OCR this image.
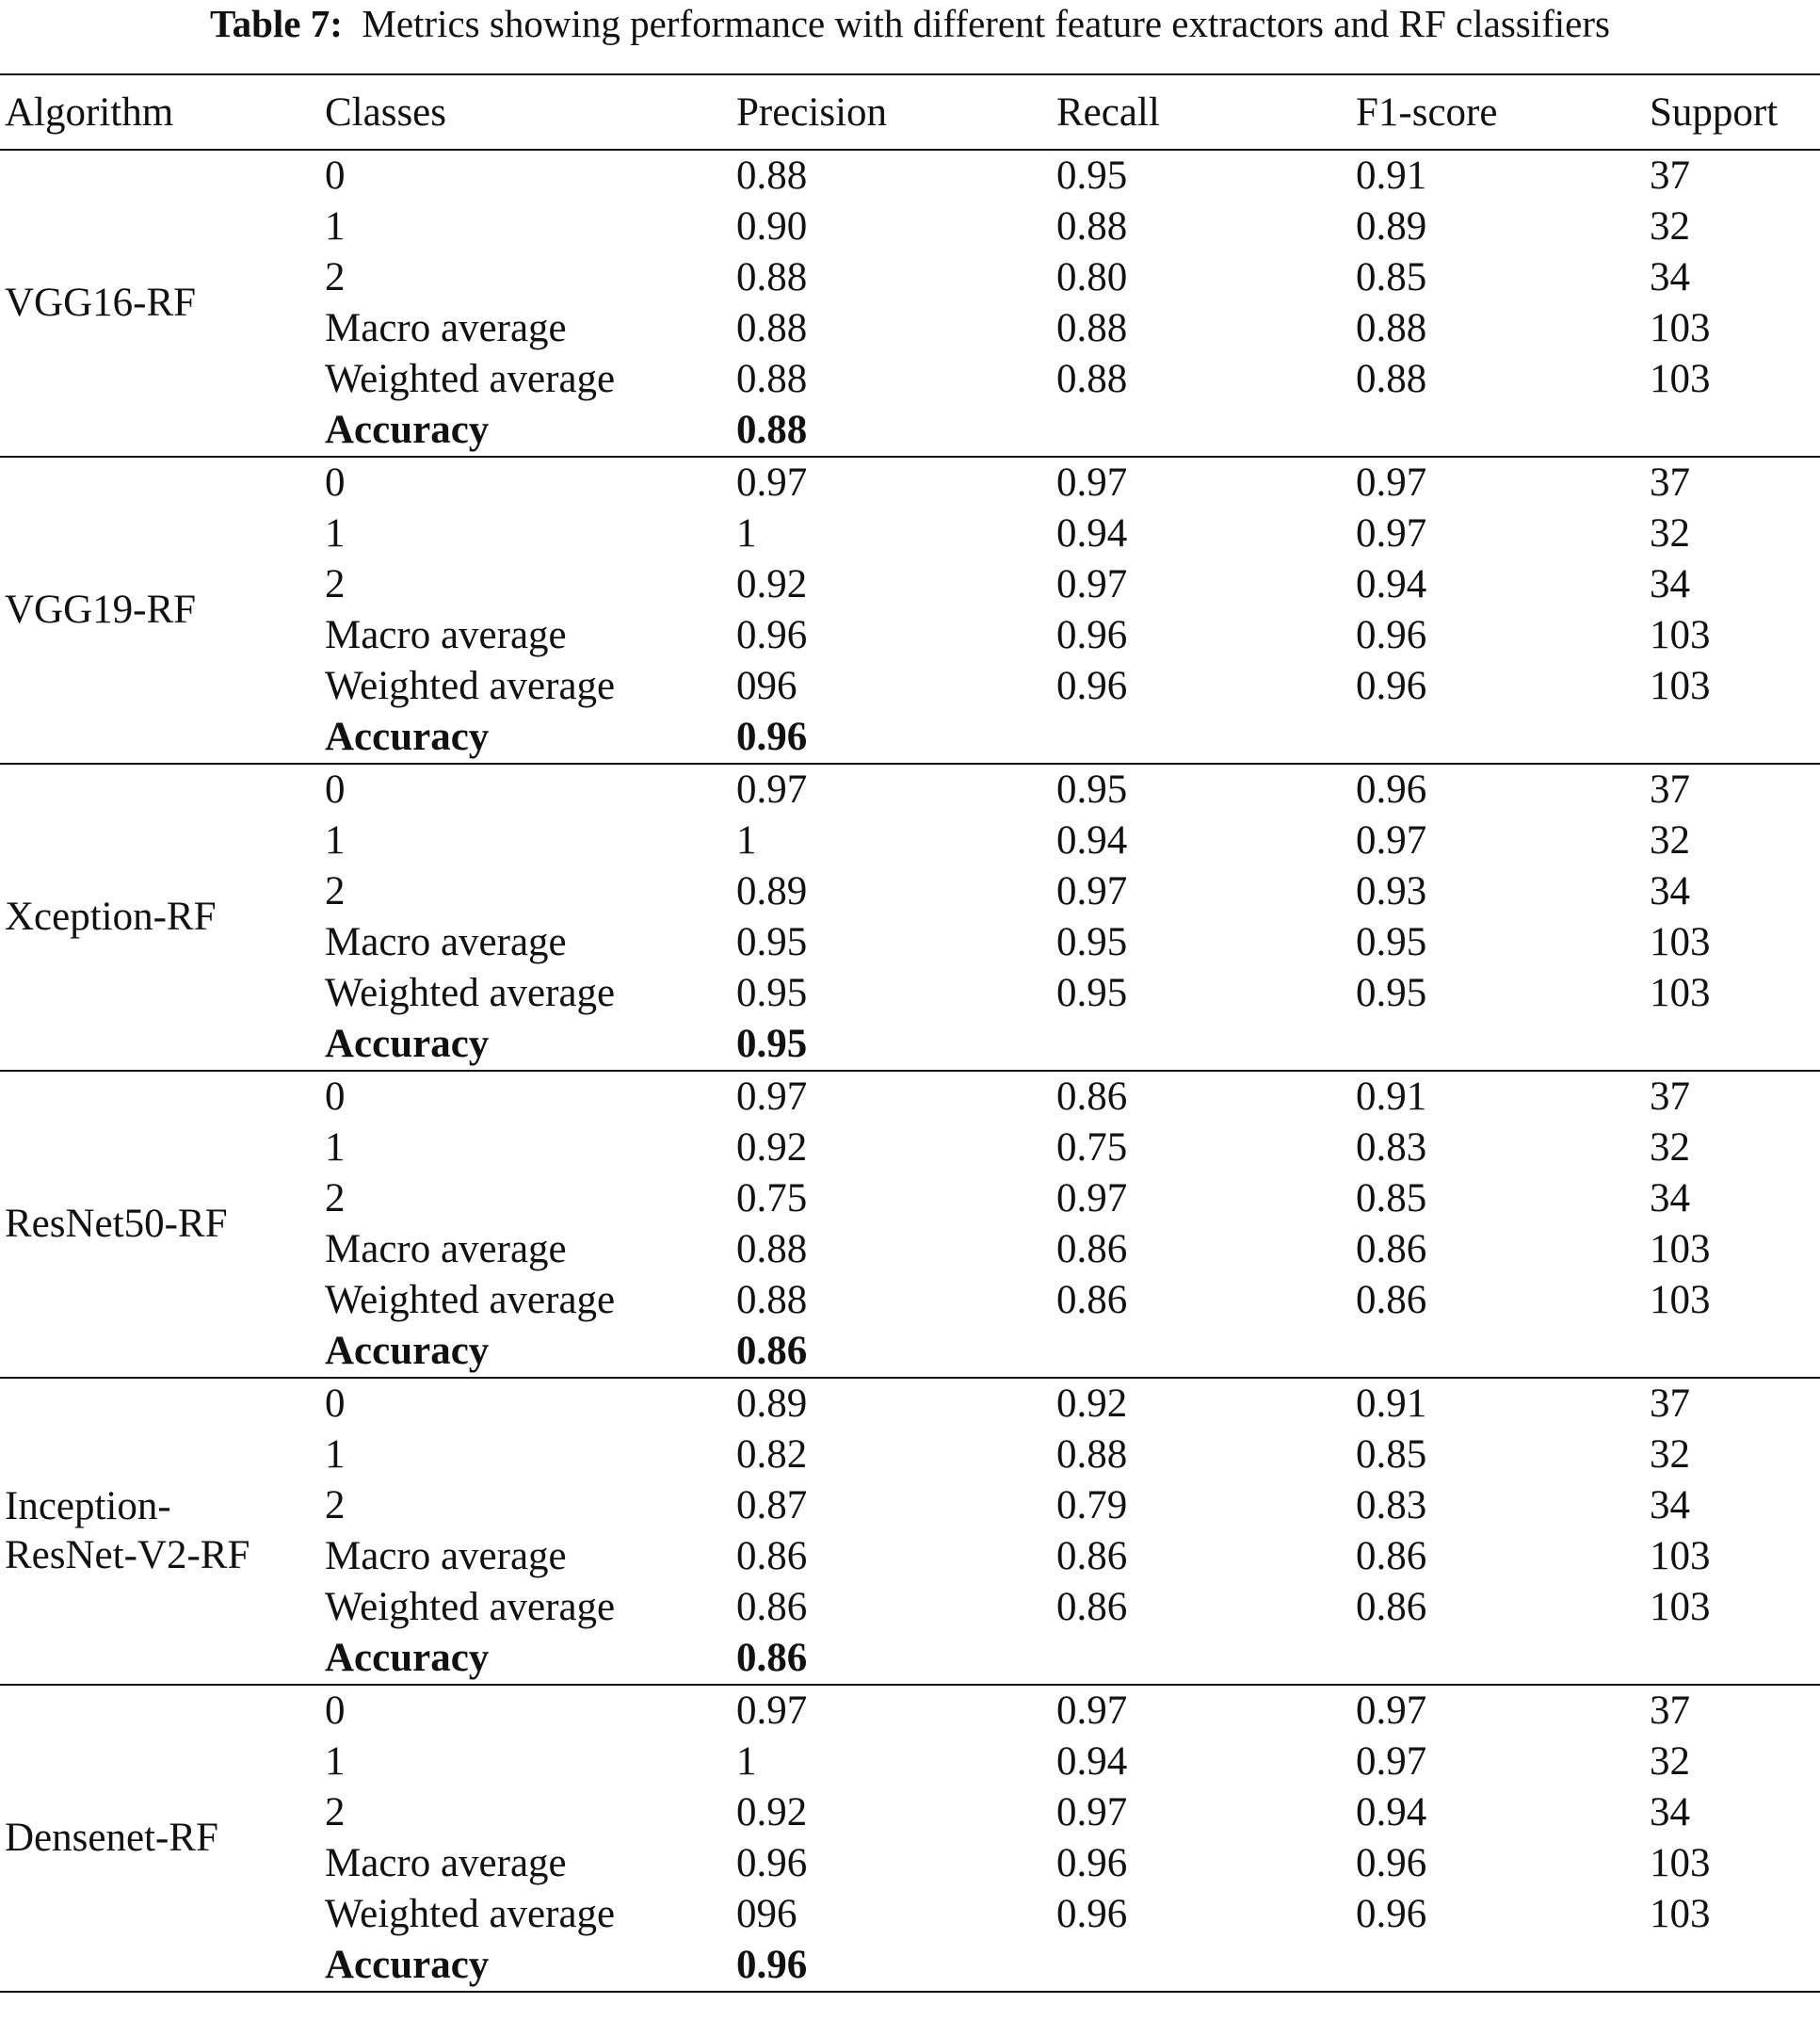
Table 7: Metrics showing performance with different feature extractors and RF classifiers
Algorithm	Classes	Precision	Recall	F1-score	Support
VGG16-RF	0	0.88	0.95	0.91	37
	1	0.90	0.88	0.89	32
	2	0.88	0.80	0.85	34
	Macro average	0.88	0.88	0.88	103
	Weighted average	0.88	0.88	0.88	103
	Accuracy	0.88			
VGG19-RF	0	0.97	0.97	0.97	37
	1	1	0.94	0.97	32
	2	0.92	0.97	0.94	34
	Macro average	0.96	0.96	0.96	103
	Weighted average	096	0.96	0.96	103
	Accuracy	0.96			
Xception-RF	0	0.97	0.95	0.96	37
	1	1	0.94	0.97	32
	2	0.89	0.97	0.93	34
	Macro average	0.95	0.95	0.95	103
	Weighted average	0.95	0.95	0.95	103
	Accuracy	0.95			
ResNet50-RF	0	0.97	0.86	0.91	37
	1	0.92	0.75	0.83	32
	2	0.75	0.97	0.85	34
	Macro average	0.88	0.86	0.86	103
	Weighted average	0.88	0.86	0.86	103
	Accuracy	0.86			

Inception-
ResNet-V2-RF	0	0.89	0.92	0.91	37
	1	0.82	0.88	0.85	32
	2	0.87	0.79	0.83	34
	Macro average	0.86	0.86	0.86	103
	Weighted average	0.86	0.86	0.86	103
	Accuracy	0.86			
Densenet-RF	0	0.97	0.97	0.97	37
	1	1	0.94	0.97	32
	2	0.92	0.97	0.94	34
	Macro average	0.96	0.96	0.96	103
	Weighted average	096	0.96	0.96	103
	Accuracy	0.96			
